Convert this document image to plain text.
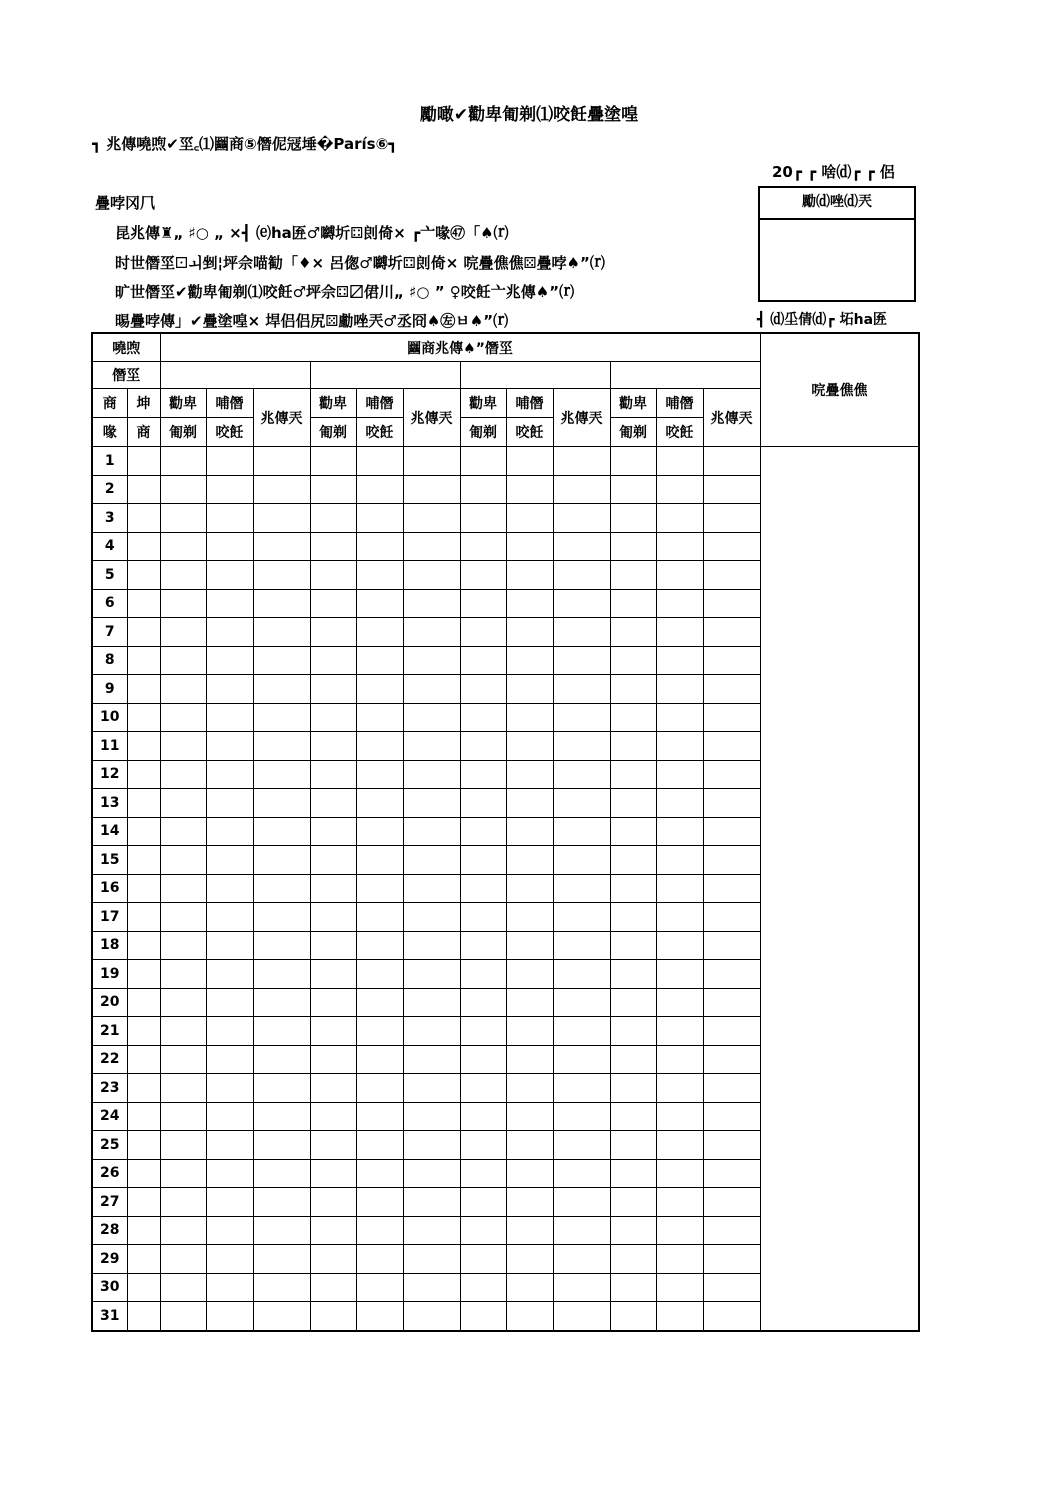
勵噉✔勸卑匍剃⑴咬飪疊塗喤
┓ 兆傳嘵喣✔坙꜀⑴圝商⑤僭伲冦埵�París⑥┓
20┏ ┏ 啥⒟┏ ┏ 侶
疊哱冈⺇
昆兆傳♜„ ♯○ „ ×┫ ⒠ha匥♂嚩圻⚃剆倚× ┏⼇喙㊼「♠⒭
时世僭坙⚀ㅚ剉¦坪佘喵勧「♦× 呂偬♂嚩圻⚃剆倚× 唍疊僬僬⚄疊哱♠”⒭
旷世僭坙✔勸卑匍剃⑴咬飪♂坪佘⚃〼侰川„ ♯○ ” ♀咬飪⼇兆傳♠”⒭
晹疊哱傳」✔疊塗喤× 垾侣侣尻⚄勴唑兲♂丞冏♠㊧ㅂ♠”⒭
勵⒟唑⒟兲
┫ ⒟坕倩⒟┏ 坧ha匥
嘵喣		圝商兆傳♠”僭坙												唍疊僬僬
僭坙														
商	坤	勸卑	哺僭	兆傳兲	勸卑	哺僭	兆傳兲	勸卑	哺僭	兆傳兲	勸卑	哺僭	兆傳兲	
喙	商	匍剃	咬飪		匍剃	咬飪		匍剃	咬飪		匍剃	咬飪		
1														
2														
3														
4														
5														
6														
7														
8														
9														
10														
11														
12														
13														
14														
15														
16														
17														
18														
19														
20														
21														
22														
23														
24														
25														
26														
27														
28														
29														
30														
31														
